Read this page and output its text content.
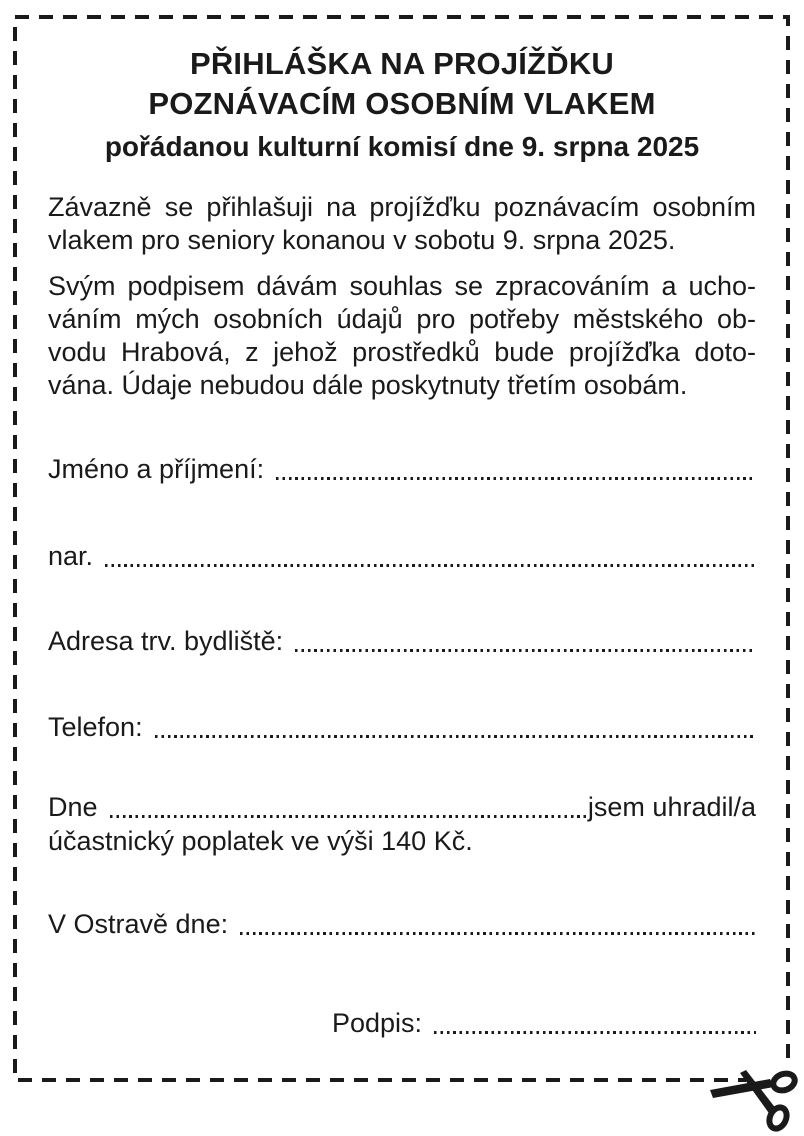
PŘIHLÁŠKA NA PROJÍŽĎKU
POZNÁVACÍM OSOBNÍM VLAKEM
pořádanou kulturní komisí dne 9. srpna 2025
Závazně se přihlašuji na projížďku poznávacím osobním
vlakem pro seniory konanou v sobotu 9. srpna 2025.
Svým podpisem dávám souhlas se zpracováním a ucho-
váním mých osobních údajů pro potřeby městského ob-
vodu Hrabová, z jehož prostředků bude projížďka doto-
vána. Údaje nebudou dále poskytnuty třetím osobám.
Jméno a příjmení:
nar.
Adresa trv. bydliště:
Telefon:
Dne	jsem uhradil/a
účastnický poplatek ve výši 140 Kč.
V Ostravě dne:
Podpis:
